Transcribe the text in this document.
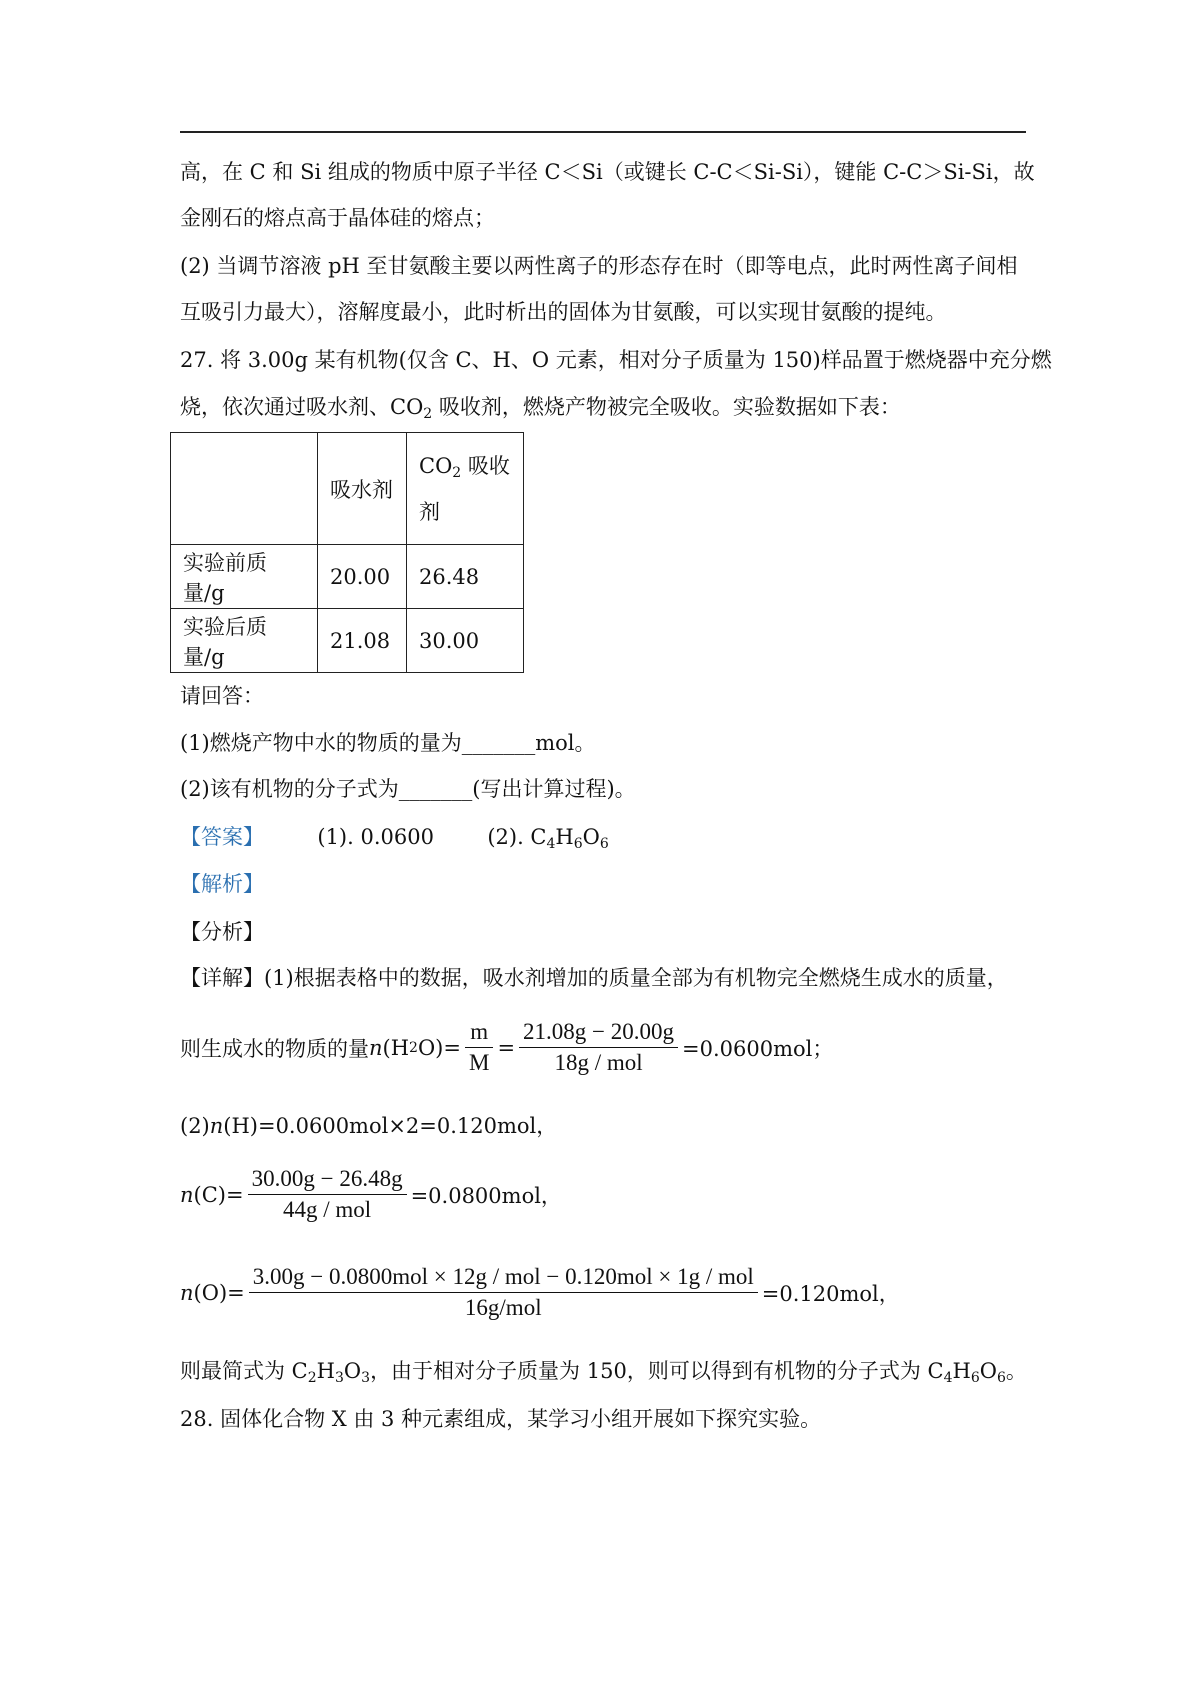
高，在 C 和 Si 组成的物质中原子半径 C＜Si（或键长 C-C＜Si-Si），键能 C-C＞Si-Si，故
金刚石的熔点高于晶体硅的熔点；
(2) 当调节溶液 pH 至甘氨酸主要以两性离子的形态存在时（即等电点，此时两性离子间相
互吸引力最大），溶解度最小，此时析出的固体为甘氨酸，可以实现甘氨酸的提纯。
27. 将 3.00g 某有机物(仅含 C、H、O 元素，相对分子质量为 150)样品置于燃烧器中充分燃
烧，依次通过吸水剂、$CO_2$ 吸收剂，燃烧产物被完全吸收。实验数据如下表：
	吸水剂	$CO_2$ 吸收
剂
实验前质量/g	20.00	26.48
实验后质量/g	21.08	30.00
请回答：
(1)燃烧产物中水的物质的量为_______mol。
(2)该有机物的分子式为_______(写出计算过程)。
【答案】	(1). 0.0600	(2). $C_4H_6O_6$
【解析】
【分析】
【详解】(1)根据表格中的数据，吸水剂增加的质量全部为有机物完全燃烧生成水的质量，
则生成水的物质的量 n (H 2 $O)= \frac{m}{M} = \frac{21.08g - 20.00g}{\text{18g / mol}} =0.0600mol$；
(2)n(H)=0.0600mol×2=0.120mol，
n $(C)= \frac{30.00g - 26.48g}{\text{44g / mol}} =0.0800mol$，
n $(O)= \frac{\text{3.00g − 0.0800mol × 12g / mol − 0.120mol × 1g / mol}}{\text{16g/mol}} =0.120mol$，
则最简式为 $C_2H_3O_3$，由于相对分子质量为 150，则可以得到有机物的分子式为 $C_4H_6O_6$。
28. 固体化合物 X 由 3 种元素组成，某学习小组开展如下探究实验。
